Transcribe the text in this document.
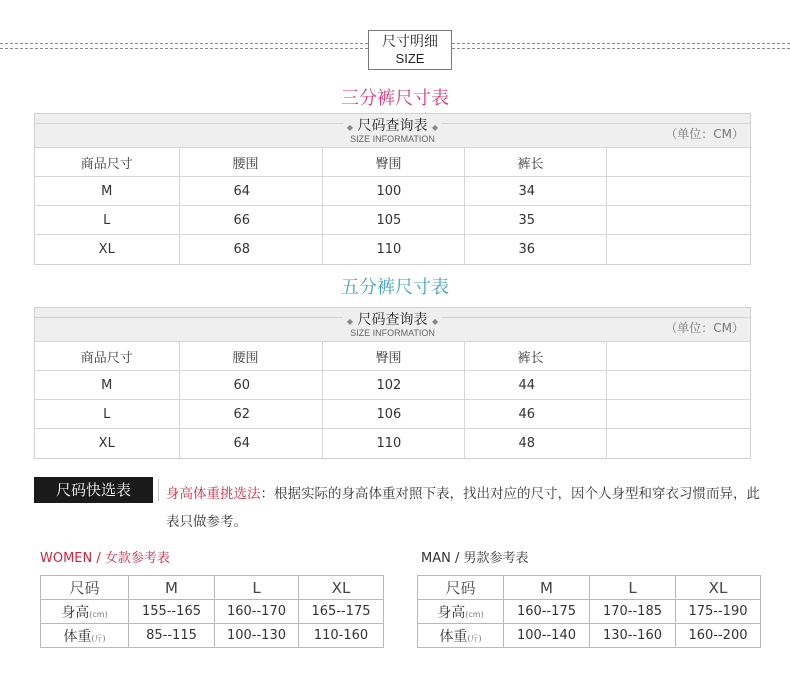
尺寸明细
SIZE
三分裤尺寸表
◆ 尺码查询表 ◆
SIZE INFORMATION	（单位：CM）
商品尺寸	腰围	臀围	裤长	
M	64	100	34	
L	66	105	35	
XL	68	110	36	
五分裤尺寸表
◆ 尺码查询表 ◆
SIZE INFORMATION	（单位：CM）
商品尺寸	腰围	臀围	裤长	
M	60	102	44	
L	62	106	46	
XL	64	110	48	
尺码快选表	身高体重挑选法：根据实际的身高体重对照下表，找出对应的尺寸，因个人身型和穿衣习惯而异，此表只做参考。
WOMEN / 女款参考表
尺码	M	L	XL
身高(cm)	155--165	160--170	165--175
体重(斤)	85--115	100--130	110-160
MAN / 男款参考表
尺码	M	L	XL
身高(cm)	160--175	170--185	175--190
体重(斤)	100--140	130--160	160--200
